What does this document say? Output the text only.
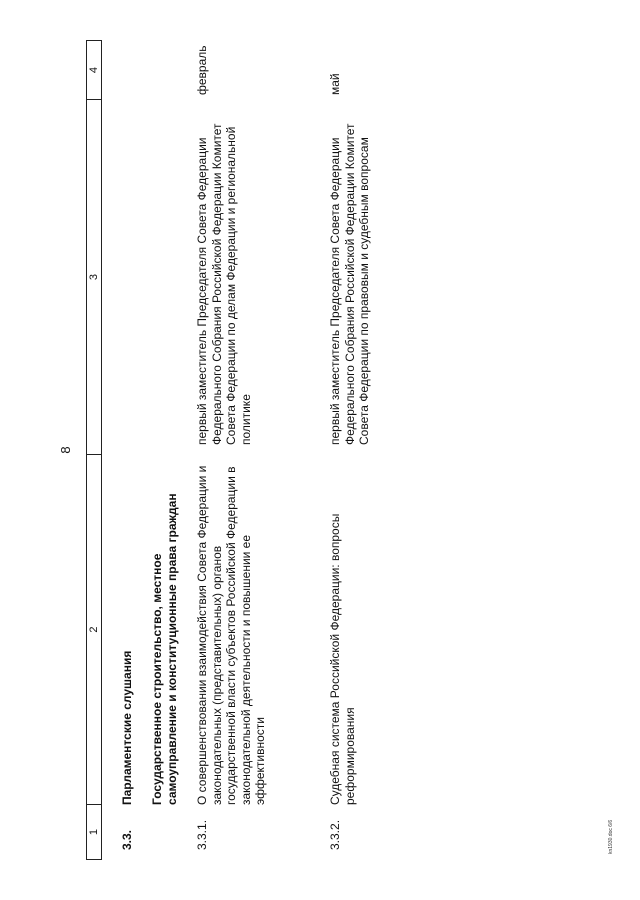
8
1
2
3
4
3.3.
Парламентские слушания Государственное строительство, местное самоуправление и конституционные права граждан
3.3.1.
О совершенствовании взаимодействия Совета Федерации и законодательных (представительных) органов государственной власти субъектов Российской Федерации в законодательной деятельности и повышении ее эффективности
первый заместитель Председателя Совета Федерации Федерального Собрания Российской Федерации Комитет Совета Федерации по делам Федерации и региональной политике
февраль
3.3.2.
Судебная система Российской Федерации: вопросы реформирования
первый заместитель Председателя Совета Федерации Федерального Собрания Российской Федерации Комитет Совета Федерации по правовым и судебным вопросам
май
kn1930.doc 6/6
